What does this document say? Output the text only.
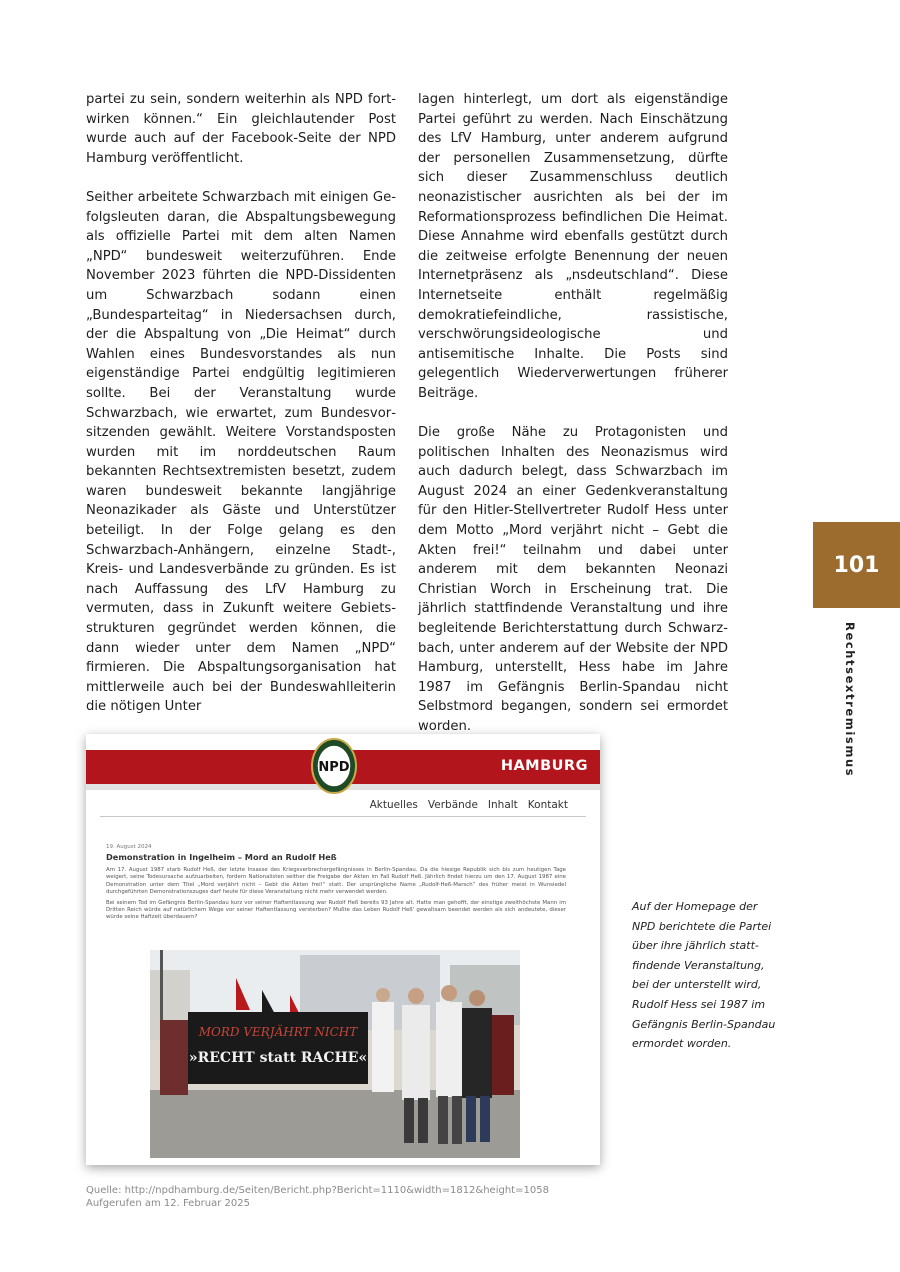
partei zu sein, sondern weiterhin als NPD fortwirken können.“ Ein gleichlautender Post wurde auch auf der Facebook-Seite der NPD Hamburg veröffentlicht.

Seither arbeitete Schwarzbach mit einigen Gefolgsleuten daran, die Abspaltungsbewegung als offizielle Partei mit dem alten Namen „NPD“ bundesweit weiterzuführen. Ende November 2023 führten die NPD-Dissidenten um Schwarzbach sodann einen „Bundesparteitag“ in Niedersachsen durch, der die Abspaltung von „Die Heimat“ durch Wahlen eines Bundesvorstandes als nun eigenständige Partei endgültig legitimieren sollte. Bei der Veranstaltung wurde Schwarzbach, wie erwartet, zum Bundesvorsitzenden gewählt. Weitere Vorstandsposten wurden mit im norddeutschen Raum bekannten Rechtsextremisten besetzt, zudem waren bundesweit bekannte langjährige Neonazikader als Gäste und Unterstützer beteiligt. In der Folge gelang es den Schwarzbach-Anhängern, einzelne Stadt-, Kreis- und Landesverbände zu gründen. Es ist nach Auffassung des LfV Hamburg zu vermuten, dass in Zukunft weitere Gebietsstrukturen gegründet werden können, die dann wieder unter dem Namen „NPD“ firmieren. Die Abspaltungsorganisation hat mittlerweile auch bei der Bundeswahlleiterin die nötigen Unter

lagen hinterlegt, um dort als eigenständige Partei geführt zu werden. Nach Einschätzung des LfV Hamburg, unter anderem aufgrund der personellen Zusammensetzung, dürfte sich dieser Zusammenschluss deutlich neonazistischer ausrichten als bei der im Reformationsprozess befindlichen Die Heimat. Diese Annahme wird ebenfalls gestützt durch die zeitweise erfolgte Benennung der neuen Internetpräsenz als „nsdeutschland“. Diese Internetseite enthält regelmäßig demokratiefeindliche, rassistische, verschwörungsideologische und antisemitische Inhalte. Die Posts sind gelegentlich Wiederverwertungen früherer Beiträge.

Die große Nähe zu Protagonisten und politischen Inhalten des Neonazismus wird auch dadurch belegt, dass Schwarzbach im August 2024 an einer Gedenkveranstaltung für den Hitler-Stellvertreter Rudolf Hess unter dem Motto „Mord verjährt nicht – Gebt die Akten frei!“ teilnahm und dabei unter anderem mit dem bekannten Neonazi Christian Worch in Erscheinung trat. Die jährlich stattfindende Veranstaltung und ihre begleitende Berichterstattung durch Schwarzbach, unter anderem auf der Website der NPD Hamburg, unterstellt, Hess habe im Jahre 1987 im Gefängnis Berlin-Spandau nicht Selbstmord begangen, sondern sei ermordet worden.

101
Rechtsextremismus
HAMBURG
NPD
Aktuelles Verbände Inhalt Kontakt
19. August 2024
Demonstration in Ingelheim – Mord an Rudolf Heß

Am 17. August 1987 starb Rudolf Heß, der letzte Insasse des Kriegsverbrechergefängnisses in Berlin-Spandau. Da die hiesige Republik sich bis zum heutigen Tage weigert, seine Todesursache aufzuarbeiten, fordern Nationalisten seither die Freigabe der Akten im Fall Rudolf Heß. Jährlich findet hierzu um den 17. August 1987 eine Demonstration unter dem Titel „Mord verjährt nicht – Gebt die Akten frei!“ statt. Der ursprüngliche Name „Rudolf-Heß-Marsch“ des früher meist in Wunsiedel durchgeführten Demonstrationszuges darf heute für diese Veranstaltung nicht mehr verwendet werden.

Bei seinem Tod im Gefängnis Berlin-Spandau kurz vor seiner Haftentlassung war Rudolf Heß bereits 93 Jahre alt. Hatte man gehofft, der einstige zweithöchste Mann im Dritten Reich würde auf natürlichem Wege vor seiner Haftentlassung versterben? Mußte das Leben Rudolf Heß' gewaltsam beendet werden als sich andeutete, dieser würde seine Haftzeit überdauern?

MORD VERJÄHRT NICHT
»RECHT statt RACHE«
Auf der Homepage der NPD berichtete die Partei über ihre jährlich stattfindende Veranstaltung, bei der unterstellt wird, Rudolf Hess sei 1987 im Gefängnis Berlin-Spandau ermordet worden.
Quelle: http://npdhamburg.de/Seiten/Bericht.php?Bericht=1110&width=1812&height=1058
Aufgerufen am 12. Februar 2025
